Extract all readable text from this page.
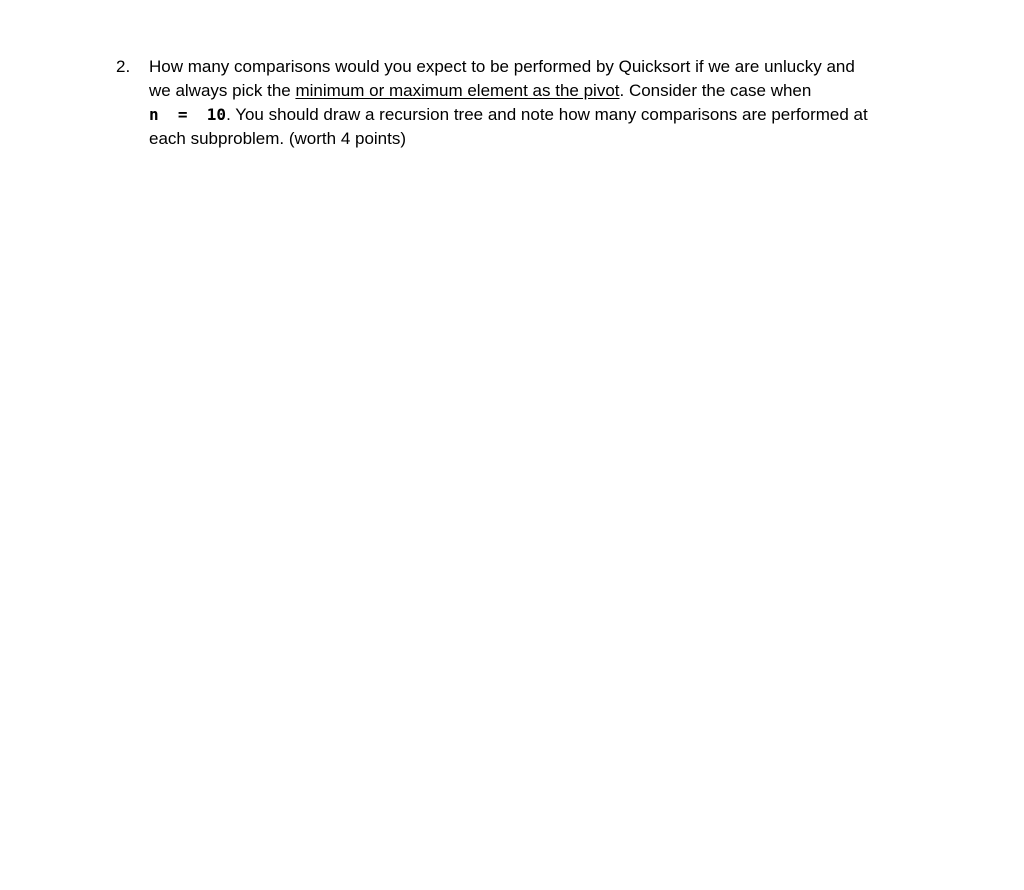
2.	How many comparisons would you expect to be performed by Quicksort if we are unlucky and
we always pick the minimum or maximum element as the pivot. Consider the case when
n  =  10. You should draw a recursion tree and note how many comparisons are performed at
each subproblem. (worth 4 points)
